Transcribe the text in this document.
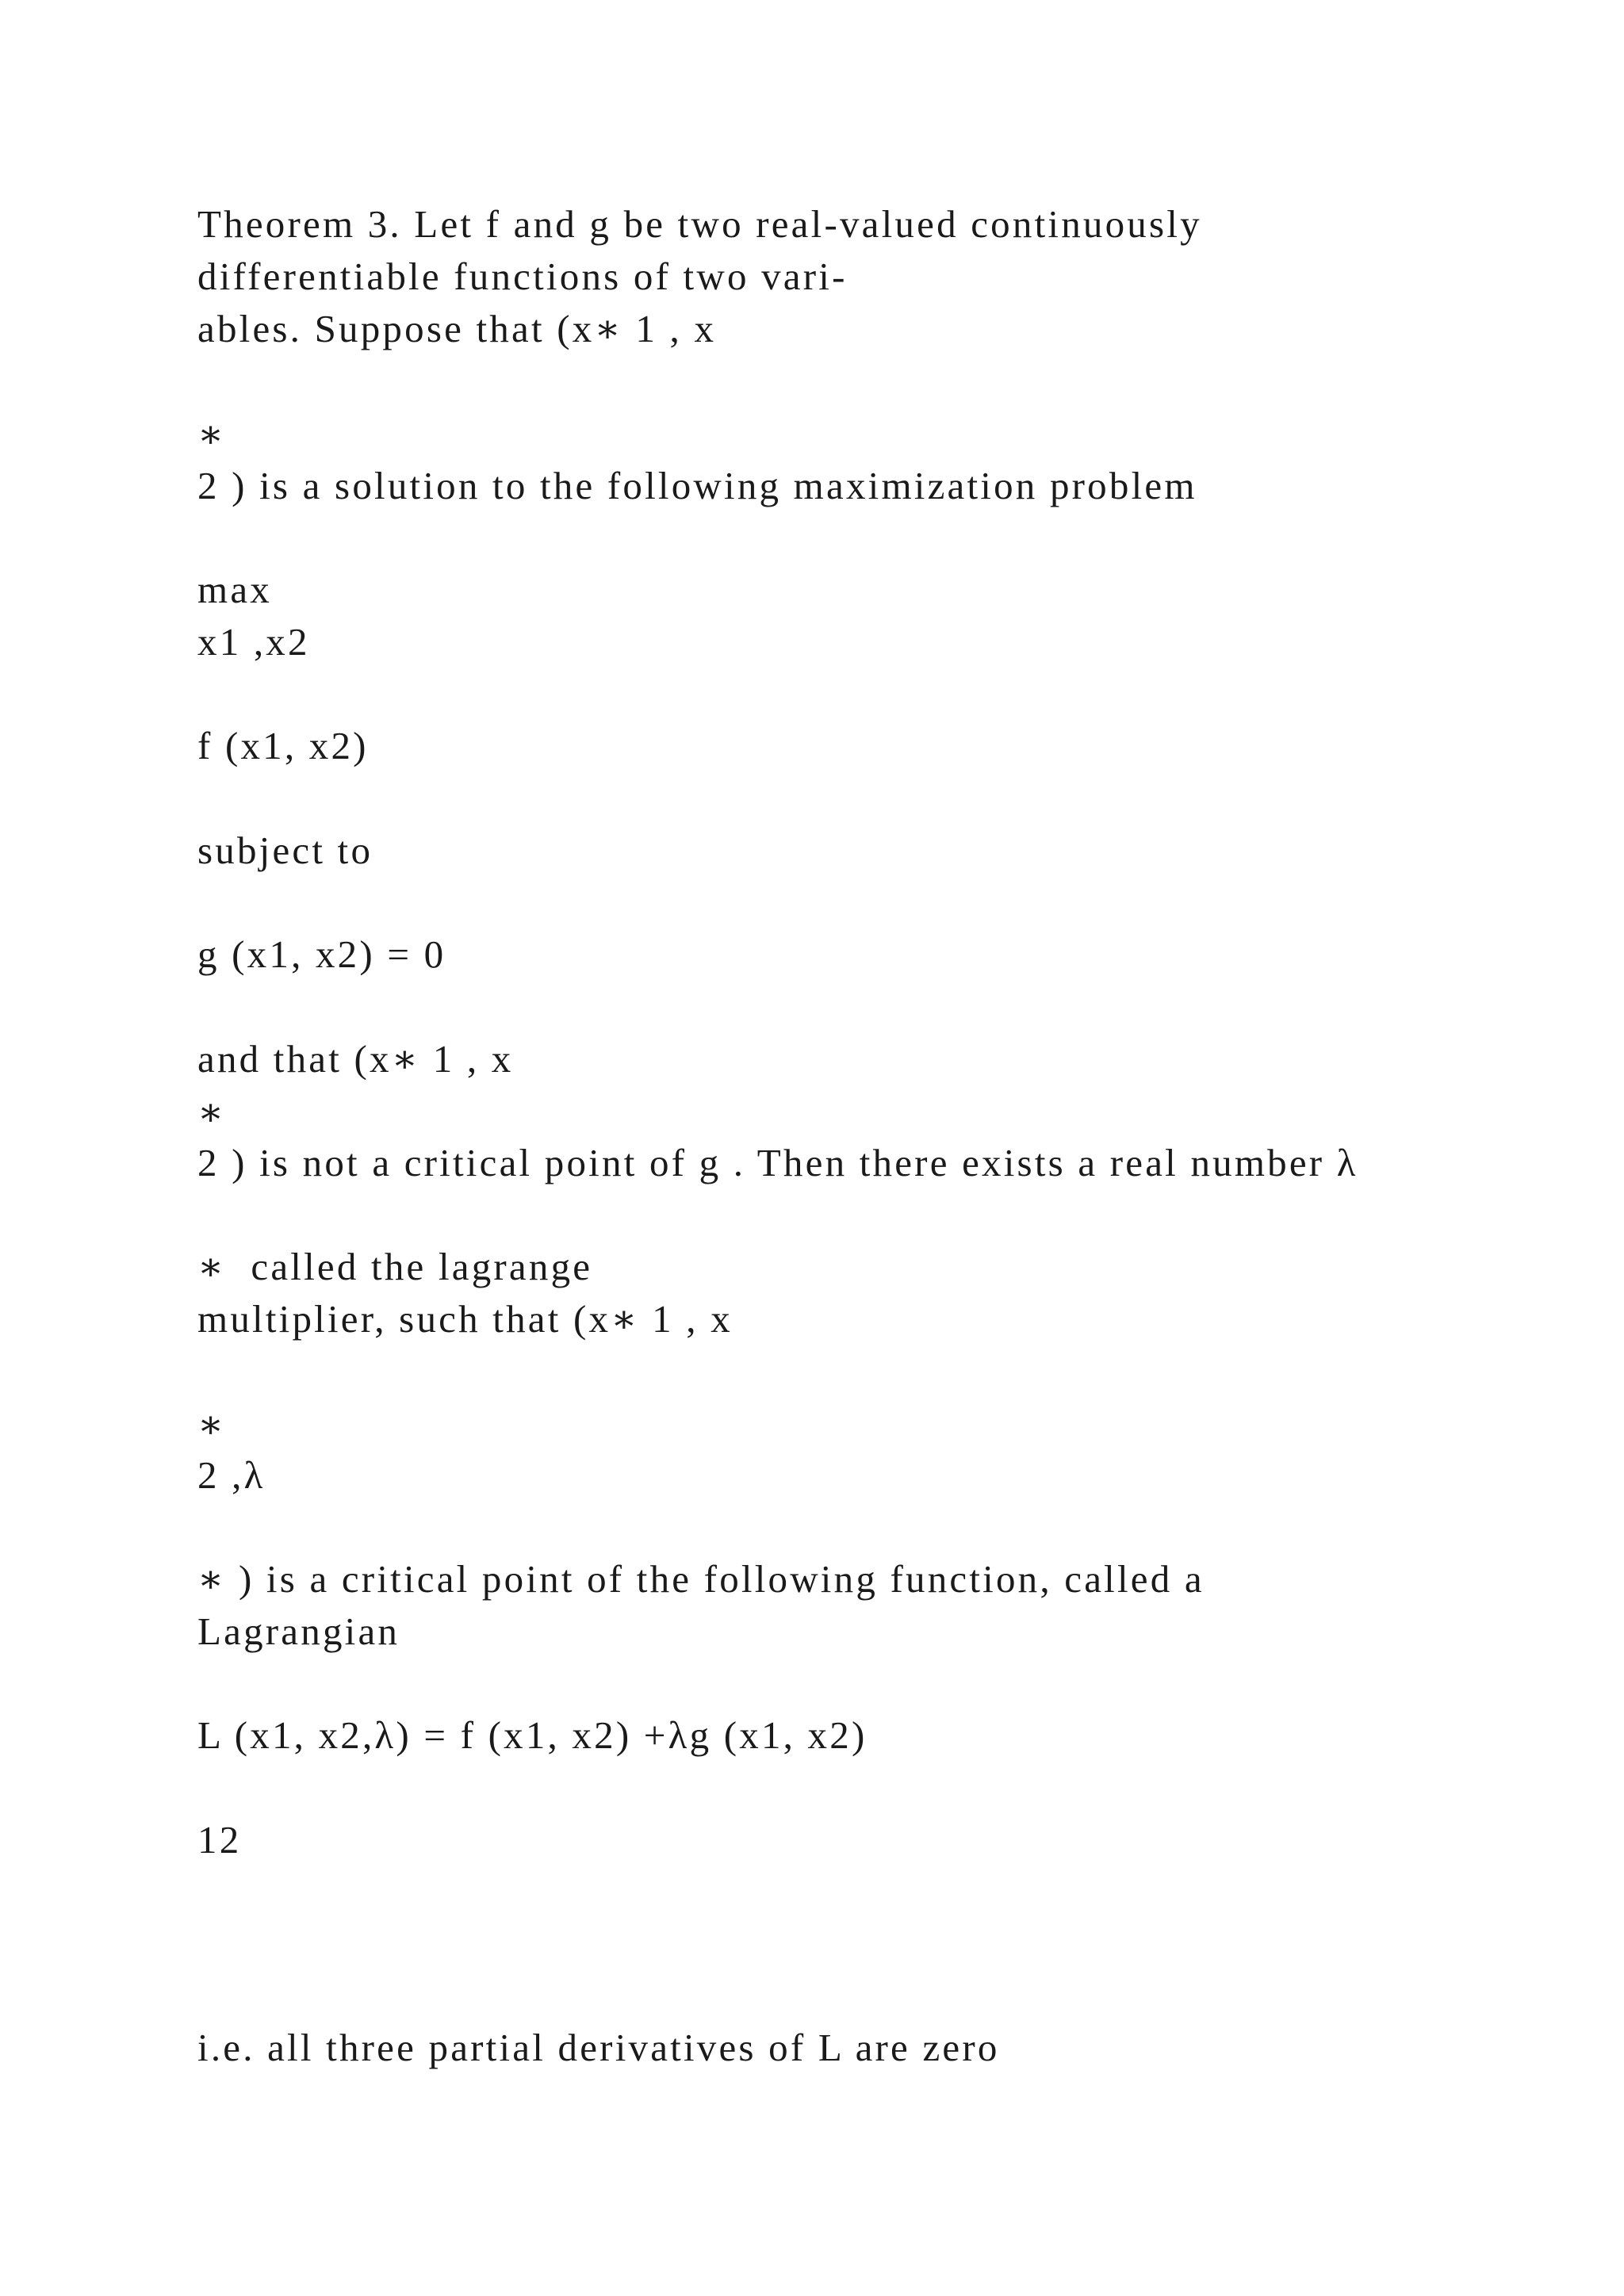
Theorem 3. Let f and g be two real-valued continuously

differentiable functions of two vari-

ables. Suppose that (x∗ 1 , x

∗

2 ) is a solution to the following maximization problem

max

x1 ,x2

f (x1, x2)

subject to

g (x1, x2) = 0

and that (x∗ 1 , x

∗

2 ) is not a critical point of g . Then there exists a real number λ

∗  called the lagrange

multiplier, such that (x∗ 1 , x

∗

2 ,λ

∗ ) is a critical point of the following function, called a

Lagrangian

L (x1, x2,λ) = f (x1, x2) +λg (x1, x2)

12

i.e. all three partial derivatives of L are zero
